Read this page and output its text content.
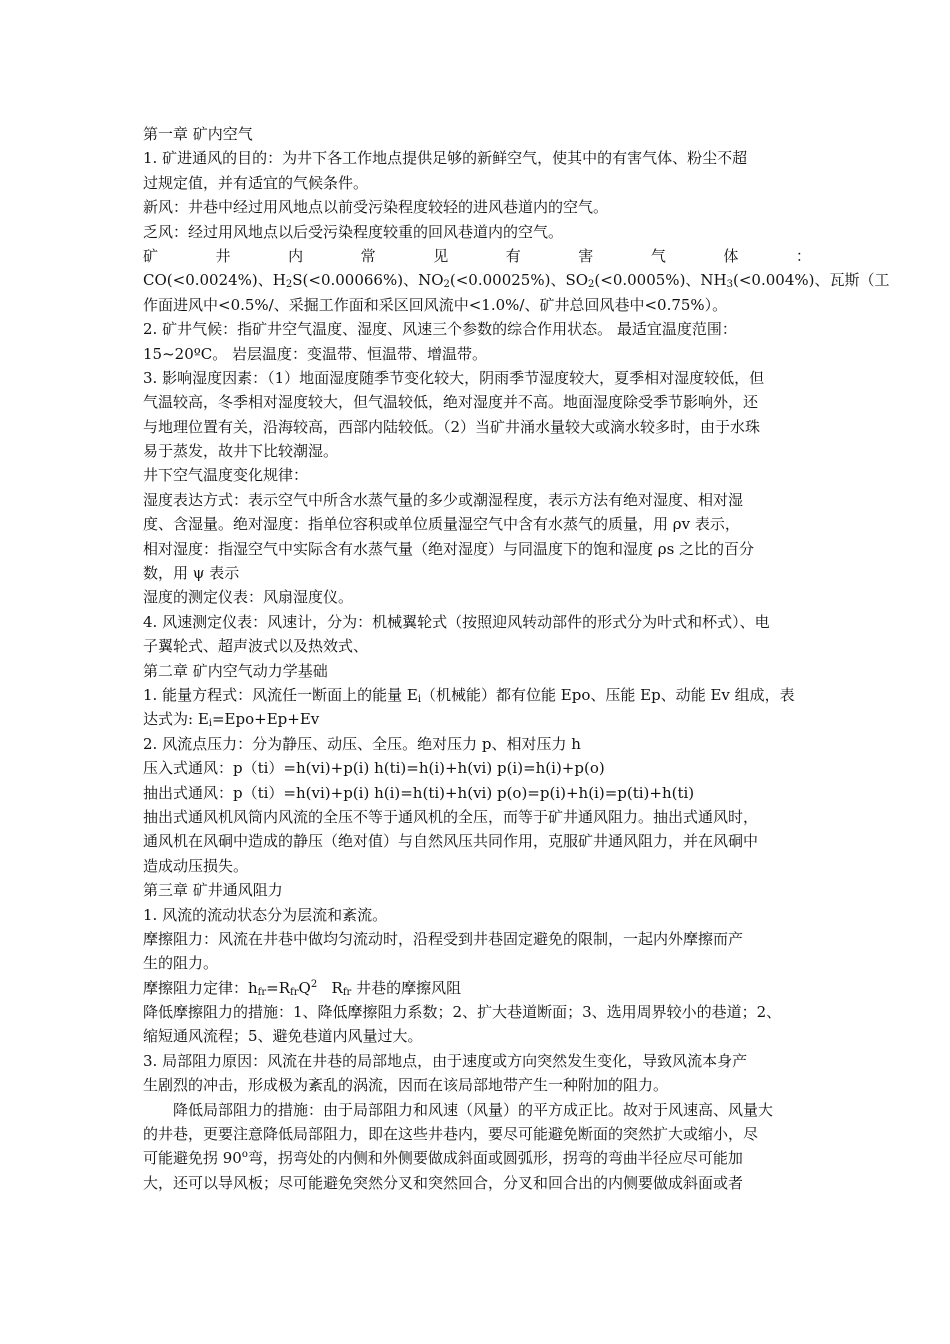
第一章 矿内空气
1. 矿进通风的目的：为井下各工作地点提供足够的新鲜空气，使其中的有害气体、粉尘不超
过规定值，并有适宜的气候条件。
新风：井巷中经过用风地点以前受污染程度较轻的进风巷道内的空气。
乏风：经过用风地点以后受污染程度较重的回风巷道内的空气。
矿 井 内 常 见 有 害 气 体 ：
CO(<0.0024%)、$H_2S(<0.00066\%)$、$NO_2(<0.00025\%)$、$SO_2(<0.0005\%)$、$NH_3(<0.004\%)$、瓦斯（工
作面进风中<0.5%/、采掘工作面和采区回风流中<1.0%/、矿井总回风巷中<0.75%）。
2. 矿井气候：指矿井空气温度、湿度、风速三个参数的综合作用状态。 最适宜温度范围：
15~20ºC。 岩层温度：变温带、恒温带、增温带。
3. 影响湿度因素：（1）地面湿度随季节变化较大，阴雨季节湿度较大，夏季相对湿度较低，但
气温较高，冬季相对湿度较大，但气温较低，绝对湿度并不高。地面湿度除受季节影响外，还
与地理位置有关，沿海较高，西部内陆较低。（2）当矿井涌水量较大或滴水较多时，由于水珠
易于蒸发，故井下比较潮湿。
井下空气温度变化规律：
湿度表达方式：表示空气中所含水蒸气量的多少或潮湿程度，表示方法有绝对湿度、相对湿
度、含湿量。绝对湿度：指单位容积或单位质量湿空气中含有水蒸气的质量，用 ρv 表示，
相对湿度：指湿空气中实际含有水蒸气量（绝对湿度）与同温度下的饱和湿度 ρs 之比的百分
数，用 ψ 表示
湿度的测定仪表：风扇湿度仪。
4. 风速测定仪表：风速计，分为：机械翼轮式（按照迎风转动部件的形式分为叶式和杯式）、电
子翼轮式、超声波式以及热效式、
第二章 矿内空气动力学基础
1. 能量方程式：风流任一断面上的能量 $E_i$（机械能）都有位能 Epo、压能 Ep、动能 Ev 组成，表
达式为: $E_i=Epo+Ep+Ev$
2. 风流点压力：分为静压、动压、全压。绝对压力 p、相对压力 h
压入式通风：p（ti）=h(vi)+p(i) h(ti)=h(i)+h(vi) p(i)=h(i)+p(o)
抽出式通风：p（ti）=h(vi)+p(i) h(i)=h(ti)+h(vi) p(o)=p(i)+h(i)=p(ti)+h(ti)
抽出式通风机风筒内风流的全压不等于通风机的全压，而等于矿井通风阻力。抽出式通风时，
通风机在风硐中造成的静压（绝对值）与自然风压共同作用，克服矿井通风阻力，并在风硐中
造成动压损失。
第三章 矿井通风阻力
1. 风流的流动状态分为层流和紊流。
摩擦阻力：风流在井巷中做均匀流动时，沿程受到井巷固定避免的限制，一起内外摩擦而产
生的阻力。
摩擦阻力定律：$h_{fr}=R_{fr}Q^2$   $R_{fr}$ 井巷的摩擦风阻
降低摩擦阻力的措施：1、降低摩擦阻力系数；2、扩大巷道断面；3、选用周界较小的巷道；2、
缩短通风流程；5、避免巷道内风量过大。
3. 局部阻力原因：风流在井巷的局部地点，由于速度或方向突然发生变化，导致风流本身产
生剧烈的冲击，形成极为紊乱的涡流，因而在该局部地带产生一种附加的阻力。
降低局部阻力的措施：由于局部阻力和风速（风量）的平方成正比。故对于风速高、风量大
的井巷，更要注意降低局部阻力，即在这些井巷内，要尽可能避免断面的突然扩大或缩小，尽
可能避免拐 90$^o$弯，拐弯处的内侧和外侧要做成斜面或圆弧形，拐弯的弯曲半径应尽可能加
大，还可以导风板；尽可能避免突然分叉和突然回合，分叉和回合出的内侧要做成斜面或者
